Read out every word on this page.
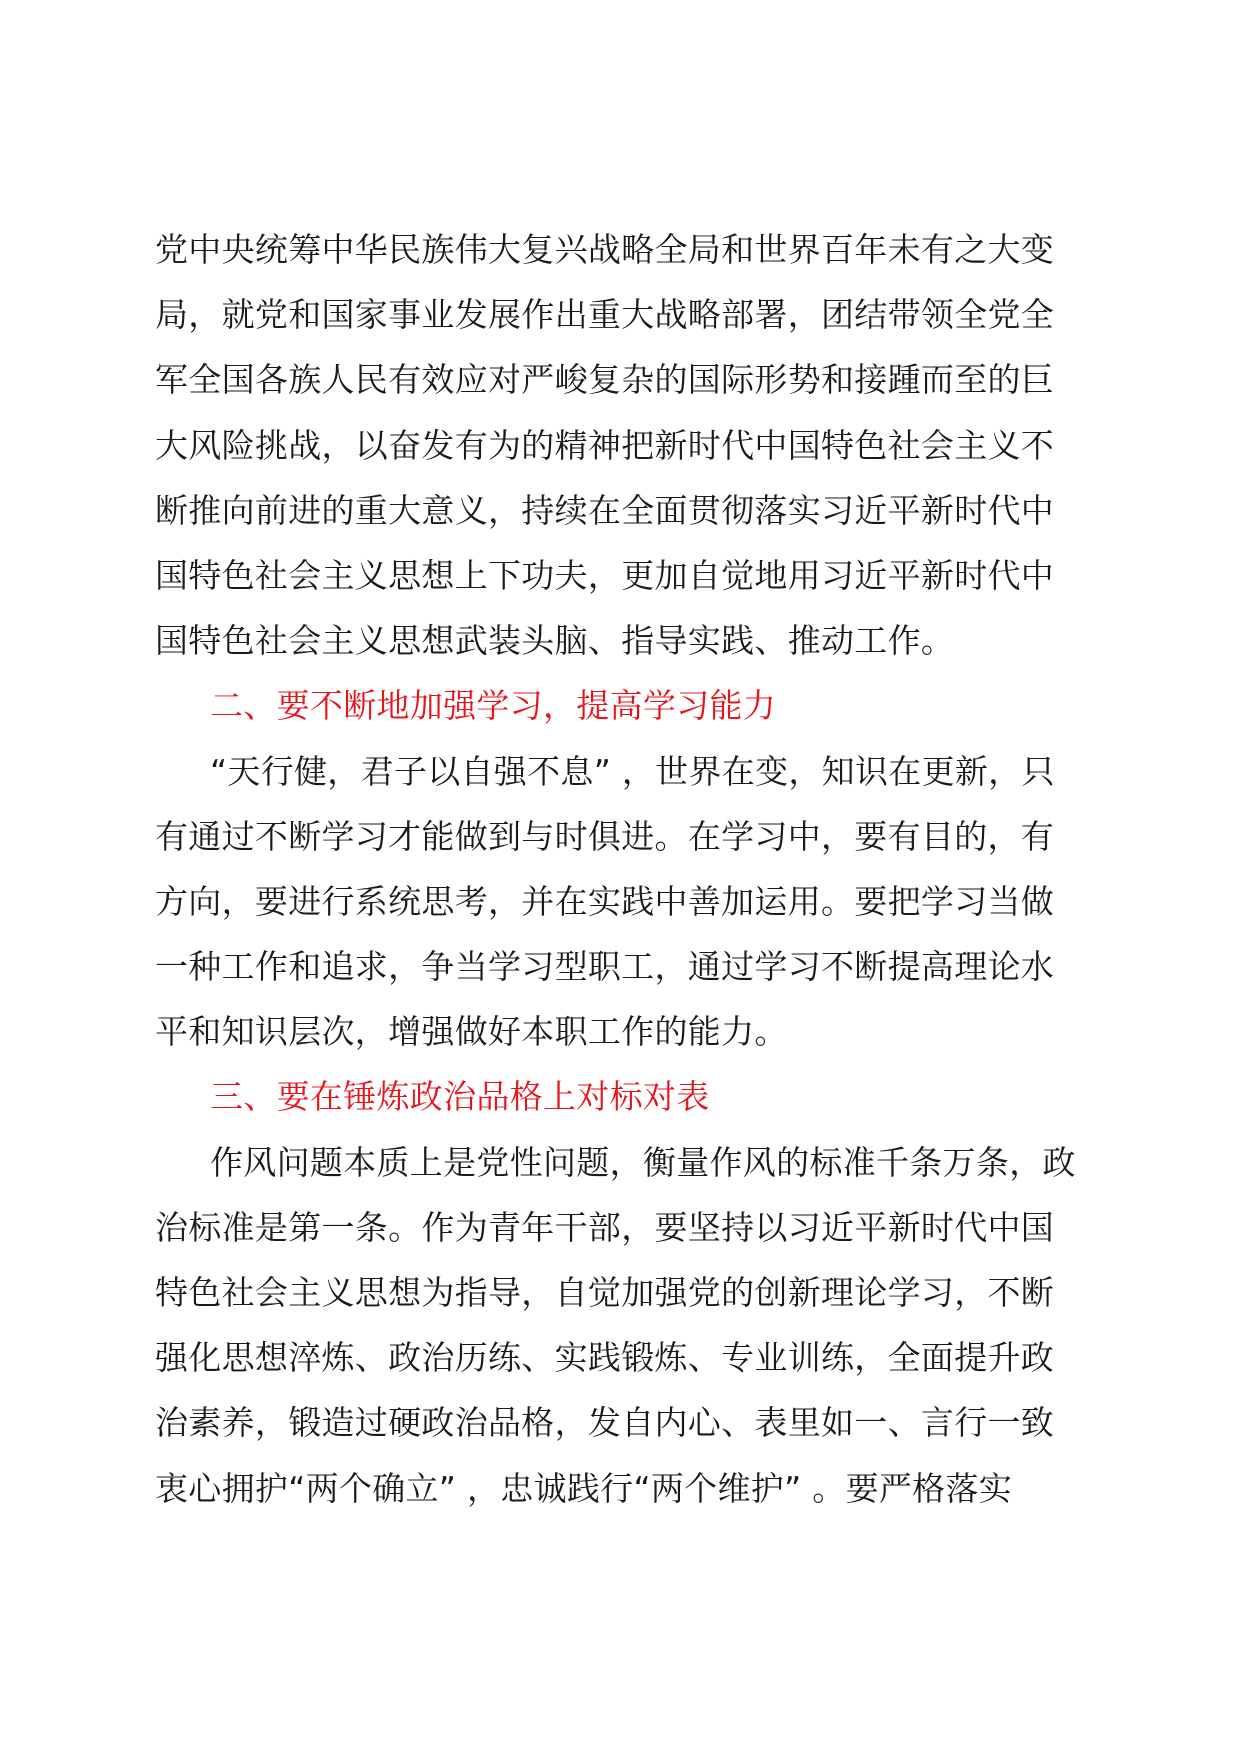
党中央统筹中华民族伟大复兴战略全局和世界百年未有之大变
局，就党和国家事业发展作出重大战略部署，团结带领全党全
军全国各族人民有效应对严峻复杂的国际形势和接踵而至的巨
大风险挑战，以奋发有为的精神把新时代中国特色社会主义不
断推向前进的重大意义，持续在全面贯彻落实习近平新时代中
国特色社会主义思想上下功夫，更加自觉地用习近平新时代中
国特色社会主义思想武装头脑、指导实践、推动工作。
二、要不断地加强学习，提高学习能力
“天行健，君子以自强不息” ，世界在变，知识在更新，只
有通过不断学习才能做到与时俱进。在学习中，要有目的，有
方向，要进行系统思考，并在实践中善加运用。要把学习当做
一种工作和追求，争当学习型职工，通过学习不断提高理论水
平和知识层次，增强做好本职工作的能力。
三、要在锤炼政治品格上对标对表
作风问题本质上是党性问题，衡量作风的标准千条万条，政
治标准是第一条。作为青年干部，要坚持以习近平新时代中国
特色社会主义思想为指导，自觉加强党的创新理论学习，不断
强化思想淬炼、政治历练、实践锻炼、专业训练，全面提升政
治素养，锻造过硬政治品格，发自内心、表里如一、言行一致
衷心拥护“两个确立” ，忠诚践行“两个维护” 。要严格落实
